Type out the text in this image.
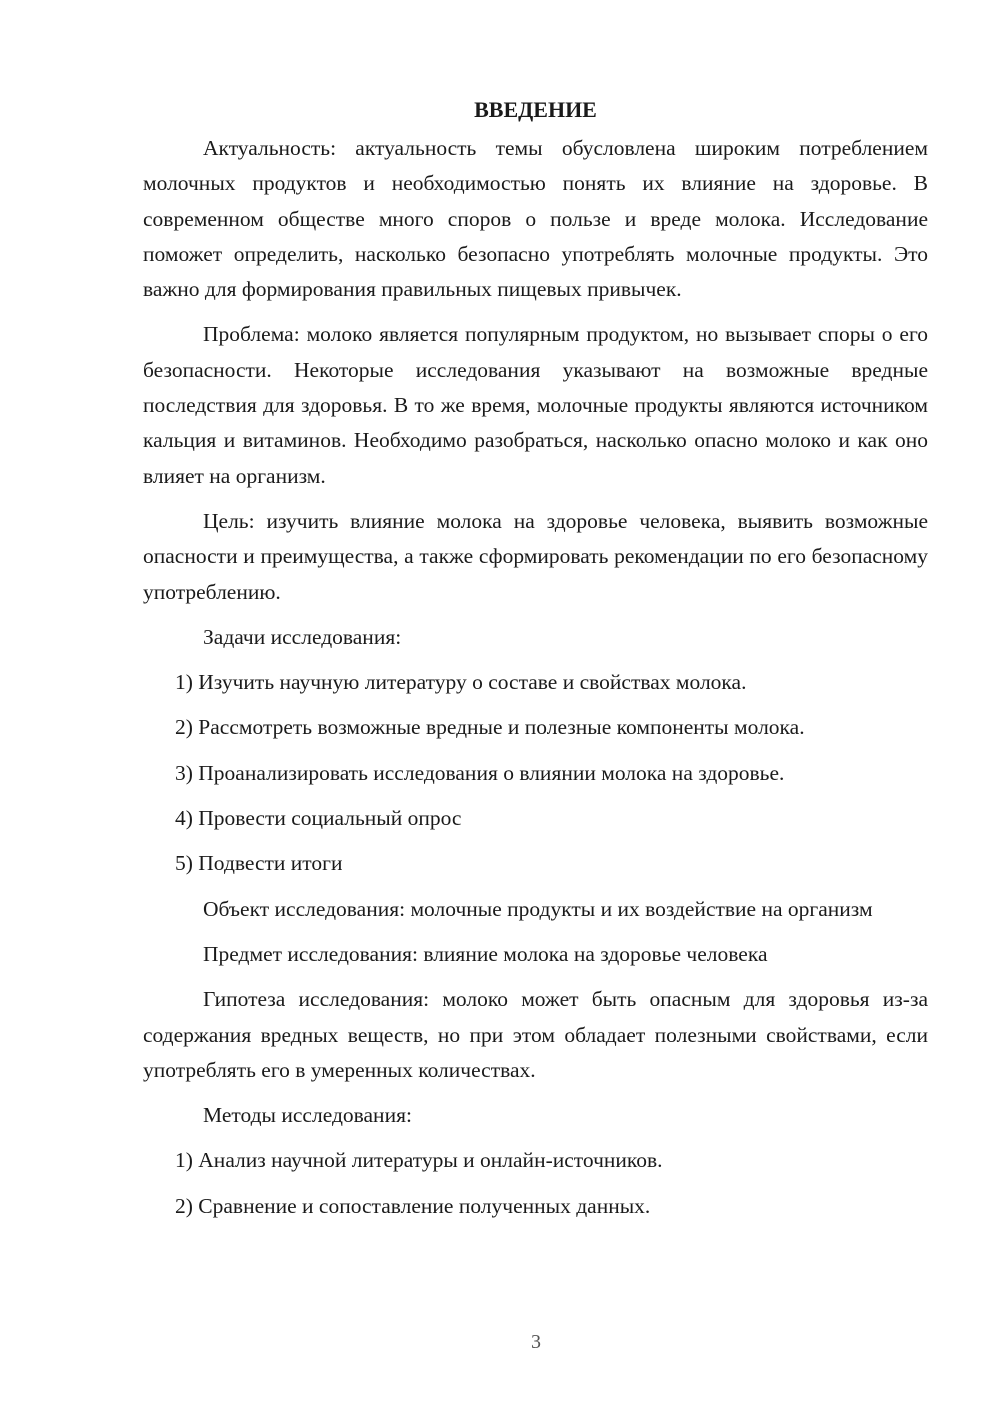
ВВЕДЕНИЕ

Актуальность: актуальность темы обусловлена широким потреблением молочных продуктов и необходимостью понять их влияние на здоровье. В современном обществе много споров о пользе и вреде молока. Исследование поможет определить, насколько безопасно употреблять молочные продукты. Это важно для формирования правильных пищевых привычек.

Проблема: молоко является популярным продуктом, но вызывает споры о его безопасности. Некоторые исследования указывают на возможные вредные последствия для здоровья. В то же время, молочные продукты являются источником кальция и витаминов. Необходимо разобраться, насколько опасно молоко и как оно влияет на организм.

Цель: изучить влияние молока на здоровье человека, выявить возможные опасности и преимущества, а также сформировать рекомендации по его безопасному употреблению.

Задачи исследования:

1) Изучить научную литературу о составе и свойствах молока.
2) Рассмотреть возможные вредные и полезные компоненты молока.
3) Проанализировать исследования о влиянии молока на здоровье.
4) Провести социальный опрос
5) Подвести итоги

Объект исследования: молочные продукты и их воздействие на организм

Предмет исследования: влияние молока на здоровье человека

Гипотеза исследования: молоко может быть опасным для здоровья из-за содержания вредных веществ, но при этом обладает полезными свойствами, если употреблять его в умеренных количествах.

Методы исследования:

1) Анализ научной литературы и онлайн-источников.
2) Сравнение и сопоставление полученных данных.
3
